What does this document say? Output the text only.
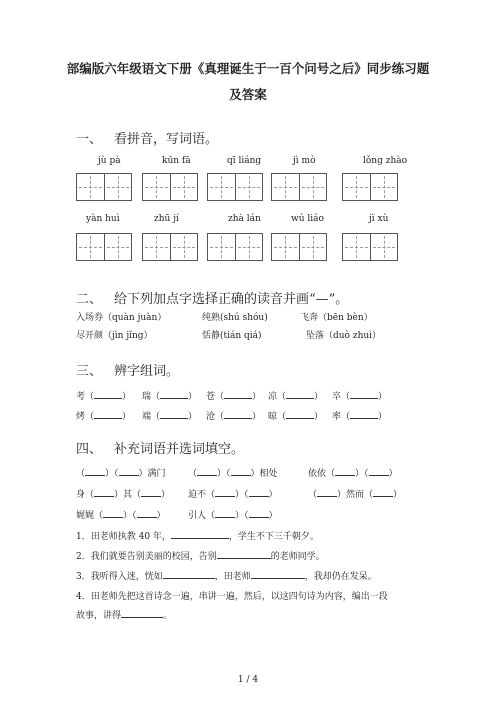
部编版六年级语文下册《真理诞生于一百个问号之后》同步练习题
及答案
一、 看拼音，写词语。
jù pà	kūn fā	qī liáng	jì mò	lǒng zhào
yàn huì	zhū jí	zhà lán	wú liáo	jì xù
二、 给下列加点字选择正确的读音并画“—”。
入场券（quàn juàn）	纯熟(shú shóu)	飞奔（bēn bèn）
尽开颜（jìn jǐng）	恬静(tián qiá)	坠落（duò zhuì）
三、 辨字组词。
考（	） 瑞（	） 苍（	） 凉（	） 卒（	）
烤（	） 端（	） 沧（	） 晾（	） 率（	）
四、 补充词语并选词填空。
（ ）（ ）满门 （ ）（ ）相处	依依（ ）（ ）
身（ ）其（ ） 迫不（ ）（ ）	（ ）然而（ ）
娓娓（ ）（ ） 引人（ ）（ ）
1．田老师执教 40 年，	，学生不下三千朝夕。
2．我们就要告别美丽的校园，告别	的老师同学。
3．我听得入迷，恍如	，田老师	，我却仍在发呆。
4．田老师先把这首诗念一遍，串讲一遍，然后，以这四句诗为内容，编出一段
故事，讲得	。
1 / 4
